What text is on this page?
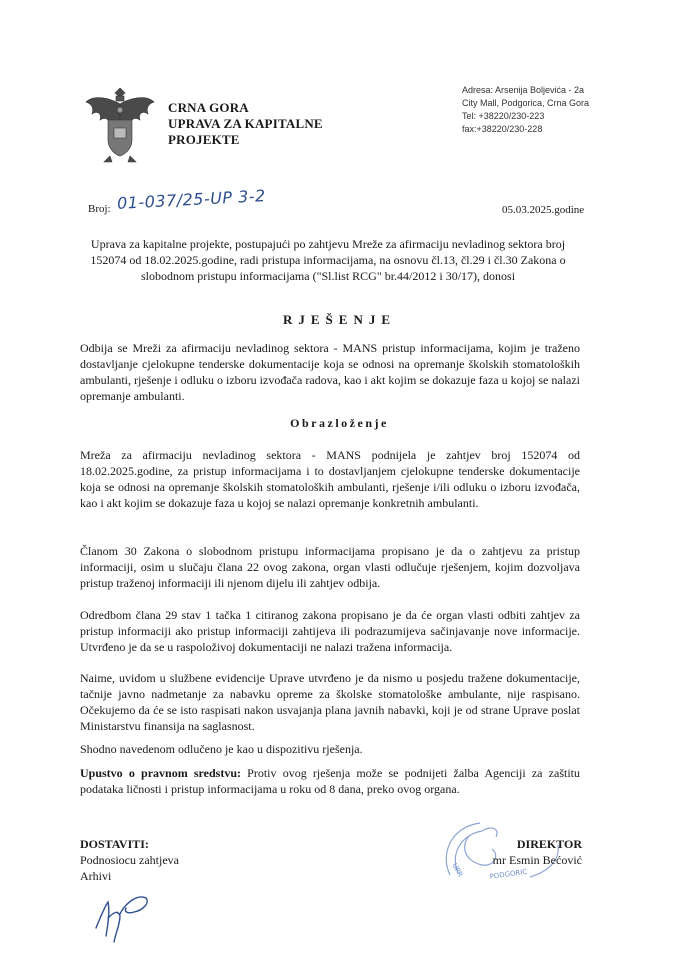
CRNA GORA
UPRAVA ZA KAPITALNE
PROJEKTE
Adresa: Arsenija Boljevića - 2a
City Mall, Podgorica, Crna Gora
Tel: +38220/230-223
fax:+38220/230-228
Broj: 01-037/25-UP 3-2	05.03.2025.godine
Uprava za kapitalne projekte, postupajući po zahtjevu Mreže za afirmaciju nevladinog sektora broj 152074 od 18.02.2025.godine, radi pristupa informacijama, na osnovu čl.13, čl.29 i čl.30 Zakona o slobodnom pristupu informacijama ("Sl.list RCG" br.44/2012 i 30/17), donosi
RJEŠENJE
Odbija se Mreži za afirmaciju nevladinog sektora - MANS pristup informacijama, kojim je traženo dostavljanje cjelokupne tenderske dokumentacije koja se odnosi na opremanje školskih stomatoloških ambulanti, rješenje i odluku o izboru izvođača radova, kao i akt kojim se dokazuje faza u kojoj se nalazi opremanje ambulanti.
Obrazloženje
Mreža za afirmaciju nevladinog sektora - MANS podnijela je zahtjev broj 152074 od 18.02.2025.godine, za pristup informacijama i to dostavljanjem cjelokupne tenderske dokumentacije koja se odnosi na opremanje školskih stomatoloških ambulanti, rješenje i/ili odluku o izboru izvođača, kao i akt kojim se dokazuje faza u kojoj se nalazi opremanje konkretnih ambulanti.
Članom 30 Zakona o slobodnom pristupu informacijama propisano je da o zahtjevu za pristup informaciji, osim u slučaju člana 22 ovog zakona, organ vlasti odlučuje rješenjem, kojim dozvoljava pristup traženoj informaciji ili njenom dijelu ili zahtjev odbija.
Odredbom člana 29 stav 1 tačka 1 citiranog zakona propisano je da će organ vlasti odbiti zahtjev za pristup informaciji ako pristup informaciji zahtijeva ili podrazumijeva sačinjavanje nove informacije. Utvrđeno je da se u raspoloživoj dokumentaciji ne nalazi tražena informacija.
Naime, uvidom u službene evidencije Uprave utvrđeno je da nismo u posjedu tražene dokumentacije, tačnije javno nadmetanje za nabavku opreme za školske stomatološke ambulante, nije raspisano. Očekujemo da će se isto raspisati nakon usvajanja plana javnih nabavki, koji je od strane Uprave poslat Ministarstvu finansija na saglasnost.
Shodno navedenom odlučeno je kao u dispozitivu rješenja.
Upustvo o pravnom sredstvu: Protiv ovog rješenja može se podnijeti žalba Agenciji za zaštitu podataka ličnosti i pristup informacijama u roku od 8 dana, preko ovog organa.
PODGORIC
UPR
DOSTAVITI:
Podnosiocu zahtjeva
Arhivi
DIREKTOR
mr Esmin Bećović
